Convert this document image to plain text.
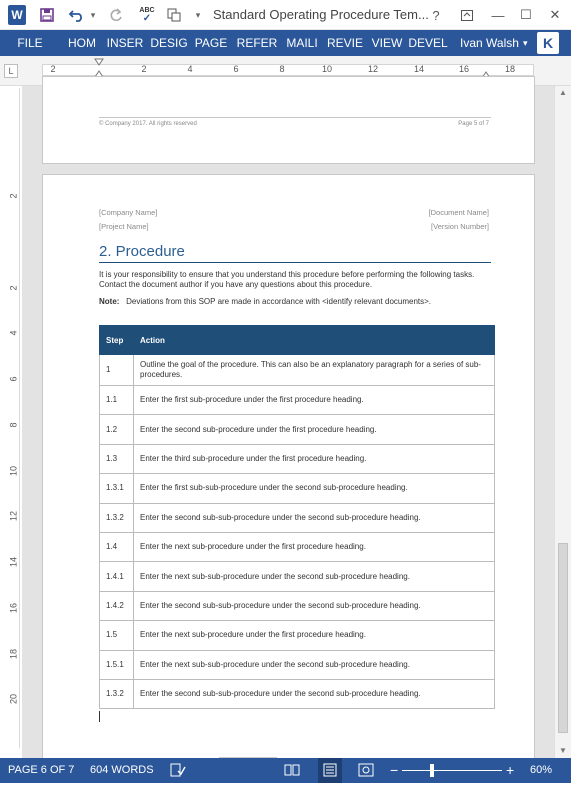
W	▾	ABC
✓	▾ Standard Operating Procedure Tem... ?	—	☐	✕
FILE	HOM INSER DESIG PAGE REFER MAILI REVIE VIEW DEVEL Ivan Walsh ▾	K
L	2	2	4	6	8	10	12	14	16	18
2
2
4
6
8
10
12
14
16
18
20
© Company 2017. All rights reserved	Page 5 of 7
[Company Name]
[Project Name]
[Document Name]
[Version Number]
2. Procedure
It is your responsibility to ensure that you understand this procedure before performing the following tasks. Contact the document author if you have any questions about this procedure.
Note: Deviations from this SOP are made in accordance with <identify relevant documents>.
Step	Action
1	Outline the goal of the procedure. This can also be an explanatory paragraph for a series of sub-procedures.
1.1	Enter the first sub-procedure under the first procedure heading.
1.2	Enter the second sub-procedure under the first procedure heading.
1.3	Enter the third sub-procedure under the first procedure heading.
1.3.1	Enter the first sub-sub-procedure under the second sub-procedure heading.
1.3.2	Enter the second sub-sub-procedure under the second sub-procedure heading.
1.4	Enter the next sub-procedure under the first procedure heading.
1.4.1	Enter the next sub-sub-procedure under the second sub-procedure heading.
1.4.2	Enter the second sub-sub-procedure under the second sub-procedure heading.
1.5	Enter the next sub-procedure under the first procedure heading.
1.5.1	Enter the next sub-sub-procedure under the second sub-procedure heading.
1.3.2	Enter the second sub-sub-procedure under the second sub-procedure heading.
▲
▼
PAGE 6 OF 7 604 WORDS	−	+ 60%
